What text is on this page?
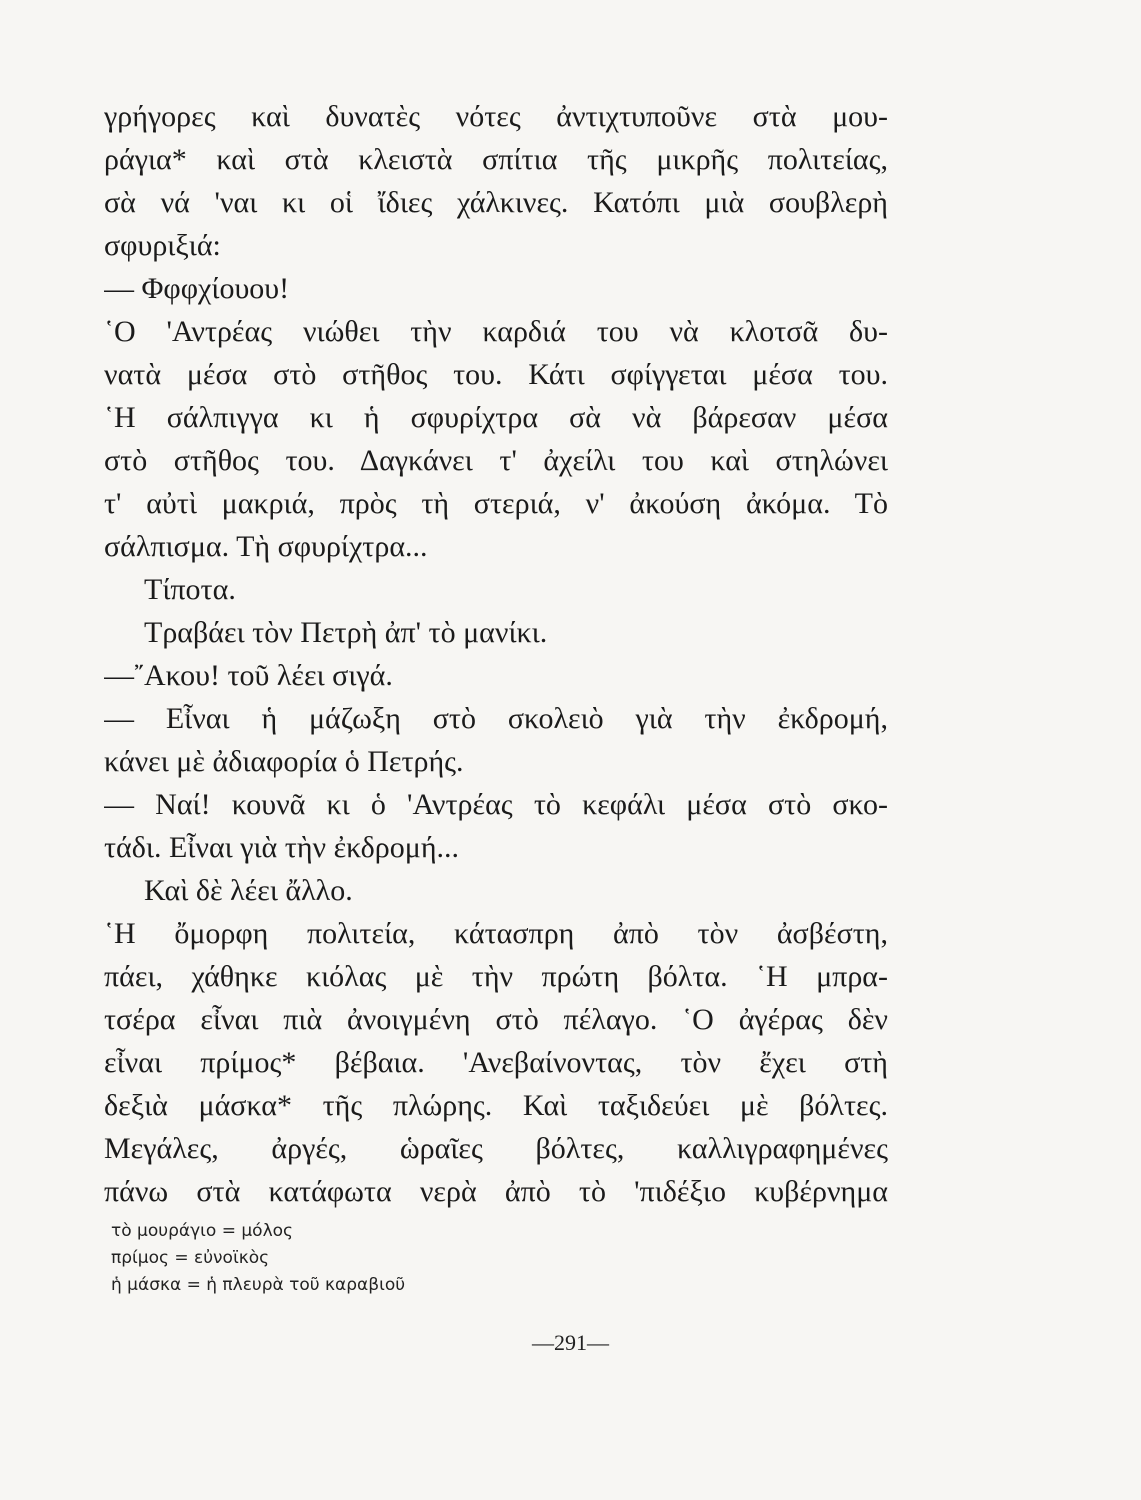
γρήγορες καὶ δυνατὲς νότες ἀντιχτυποῦνε στὰ μου-
ράγια* καὶ στὰ κλειστὰ σπίτια τῆς μικρῆς πολιτείας,
σὰ νά 'ναι κι οἱ ἴδιες χάλκινες. Κατόπι μιὰ σουβλερὴ
σφυριξιά:
— Φφφχίουου!
῾Ο 'Αντρέας νιώθει τὴν καρδιά του νὰ κλοτσᾶ δυ-
νατὰ μέσα στὸ στῆθος του. Κάτι σφίγγεται μέσα του.
῾Η σάλπιγγα κι ἡ σφυρίχτρα σὰ νὰ βάρεσαν μέσα
στὸ στῆθος του. Δαγκάνει τ' ἀχείλι του καὶ στηλώνει
τ' αὐτὶ μακριά, πρὸς τὴ στεριά, ν' ἀκούση ἀκόμα. Τὸ
σάλπισμα. Τὴ σφυρίχτρα...
Τίποτα.
Τραβάει τὸν Πετρὴ ἀπ' τὸ μανίκι.
—῎Ακου! τοῦ λέει σιγά.
— Εἶναι ἡ μάζωξη στὸ σκολειὸ γιὰ τὴν ἐκδρομή,
κάνει μὲ ἀδιαφορία ὁ Πετρής.
— Ναί! κουνᾶ κι ὁ 'Αντρέας τὸ κεφάλι μέσα στὸ σκο-
τάδι. Εἶναι γιὰ τὴν ἐκδρομή...
Καὶ δὲ λέει ἄλλο.
῾Η ὄμορφη πολιτεία, κάτασπρη ἀπὸ τὸν ἀσβέστη,
πάει, χάθηκε κιόλας μὲ τὴν πρώτη βόλτα. ῾Η μπρα-
τσέρα εἶναι πιὰ ἀνοιγμένη στὸ πέλαγο. ῾Ο ἀγέρας δὲν
εἶναι πρίμος* βέβαια. 'Ανεβαίνοντας, τὸν ἔχει στὴ
δεξιὰ μάσκα* τῆς πλώρης. Καὶ ταξιδεύει μὲ βόλτες.
Μεγάλες, ἀργές, ὡραῖες βόλτες, καλλιγραφημένες
πάνω στὰ κατάφωτα νερὰ ἀπὸ τὸ 'πιδέξιο κυβέρνημα
τὸ μουράγιο = μόλος
πρίμος = εὐνοϊκὸς
ἡ μάσκα = ἡ πλευρὰ τοῦ καραβιοῦ
—291—
